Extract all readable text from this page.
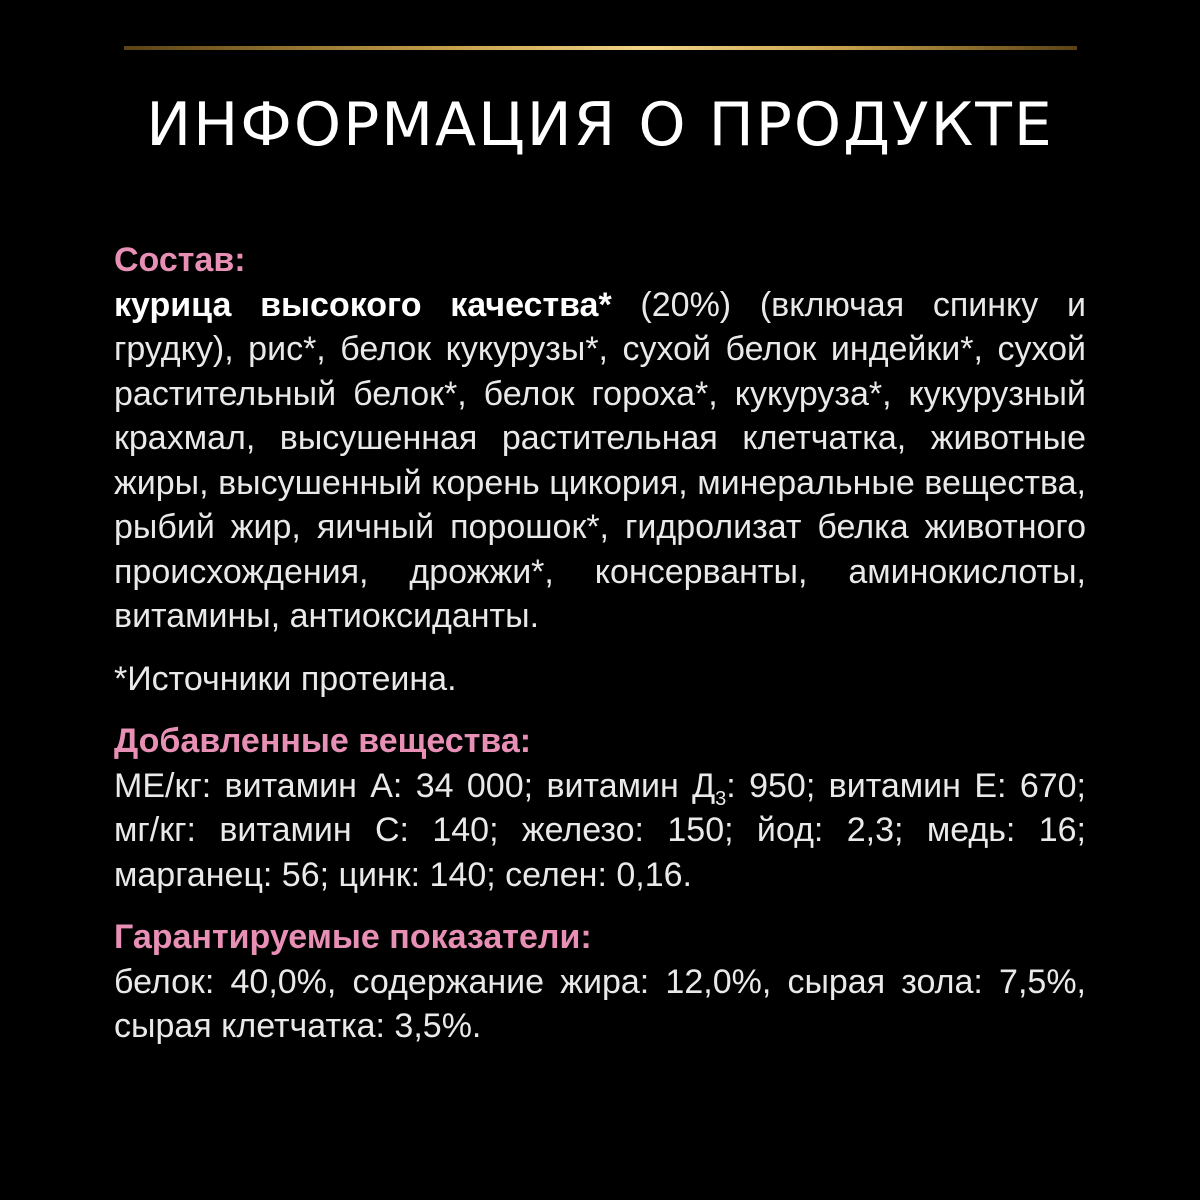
ИНФОРМАЦИЯ О ПРОДУКТЕ
Состав:
курица высокого качества* (20%) (включая спинку и грудку), рис*, белок кукурузы*, сухой белок индейки*, сухой растительный белок*, белок гороха*, кукуруза*, кукурузный крахмал, высушенная растительная клетчатка, животные жиры, высушенный корень цикория, минеральные вещества, рыбий жир, яичный порошок*, гидролизат белка животного происхождения, дрожжи*, консерванты, аминокислоты, витамины, антиоксиданты.
*Источники протеина.
Добавленные вещества:
МЕ/кг: витамин А: 34 000; витамин $Д_3$: 950; витамин Е: 670; мг/кг: витамин С: 140; железо: 150; йод: 2,3; медь: 16; марганец: 56; цинк: 140; селен: 0,16.
Гарантируемые показатели:
белок: 40,0%, содержание жира: 12,0%, сырая зола: 7,5%, сырая клетчатка: 3,5%.
